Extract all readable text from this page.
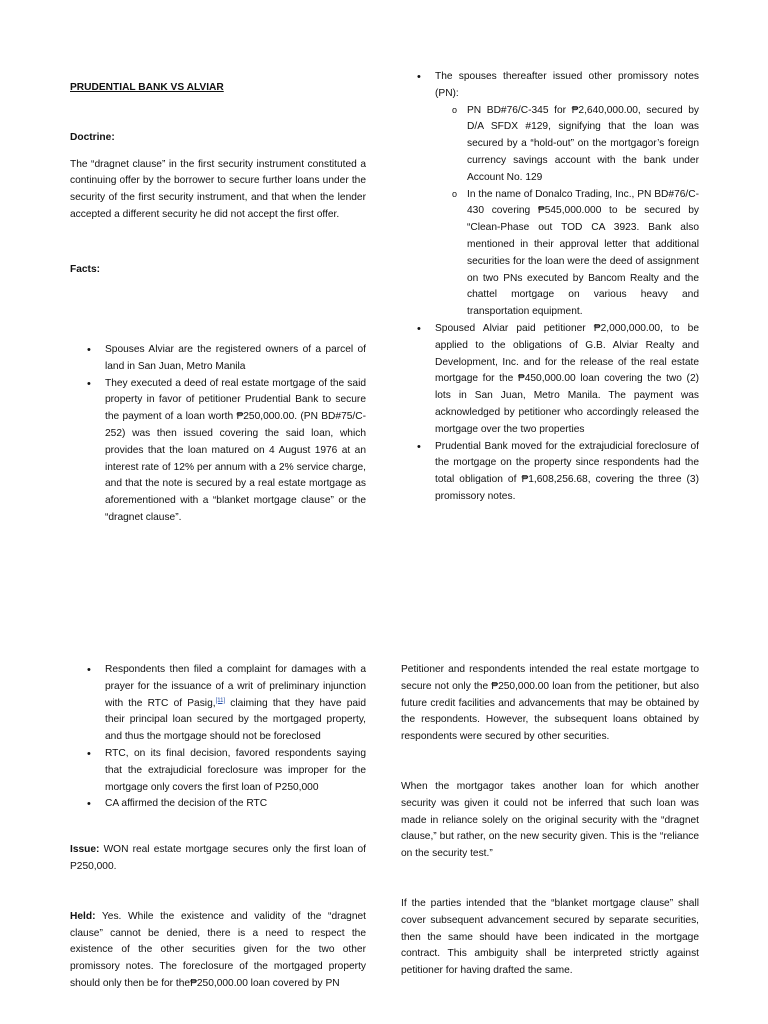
PRUDENTIAL BANK VS ALVIAR

Doctrine:

The “dragnet clause” in the first security instrument constituted a continuing offer by the borrower to secure further loans under the security of the first security instrument, and that when the lender accepted a different security he did not accept the first offer.

Facts:

• Spouses Alviar are the registered owners of a parcel of land in San Juan, Metro Manila
• They executed a deed of real estate mortgage of the said property in favor of petitioner Prudential Bank to secure the payment of a loan worth ₱250,000.00. (PN BD#75/C-252) was then issued covering the said loan, which provides that the loan matured on 4 August 1976 at an interest rate of 12% per annum with a 2% service charge, and that the note is secured by a real estate mortgage as aforementioned with a “blanket mortgage clause” or the “dragnet clause”.

• The spouses thereafter issued other promissory notes (PN):

o PN BD#76/C-345 for ₱2,640,000.00, secured by D/A SFDX #129, signifying that the loan was secured by a “hold-out” on the mortgagor’s foreign currency savings account with the bank under Account No. 129

o In the name of Donalco Trading, Inc., PN BD#76/C-430 covering ₱545,000.000 to be secured by “Clean-Phase out TOD CA 3923. Bank also mentioned in their approval letter that additional securities for the loan were the deed of assignment on two PNs executed by Bancom Realty and the chattel mortgage on various heavy and transportation equipment.

• Spoused Alviar paid petitioner ₱2,000,000.00, to be applied to the obligations of G.B. Alviar Realty and Development, Inc. and for the release of the real estate mortgage for the ₱450,000.00 loan covering the two (2) lots in San Juan, Metro Manila. The payment was acknowledged by petitioner who accordingly released the mortgage over the two properties

• Prudential Bank moved for the extrajudicial foreclosure of the mortgage on the property since respondents had the total obligation of ₱1,608,256.68, covering the three (3) promissory notes.

• Respondents then filed a complaint for damages with a prayer for the issuance of a writ of preliminary injunction with the RTC of Pasig,[11] claiming that they have paid their principal loan secured by the mortgaged property, and thus the mortgage should not be foreclosed
• RTC, on its final decision, favored respondents saying that the extrajudicial foreclosure was improper for the mortgage only covers the first loan of P250,000
• CA affirmed the decision of the RTC

Issue: WON real estate mortgage secures only the first loan of P250,000.

Held: Yes. While the existence and validity of the “dragnet clause” cannot be denied, there is a need to respect the existence of the other securities given for the two other promissory notes. The foreclosure of the mortgaged property should only then be for the₱250,000.00 loan covered by PN

Petitioner and respondents intended the real estate mortgage to secure not only the ₱250,000.00 loan from the petitioner, but also future credit facilities and advancements that may be obtained by the respondents. However, the subsequent loans obtained by respondents were secured by other securities.

When the mortgagor takes another loan for which another security was given it could not be inferred that such loan was made in reliance solely on the original security with the “dragnet clause,” but rather, on the new security given. This is the “reliance on the security test.”

If the parties intended that the “blanket mortgage clause” shall cover subsequent advancement secured by separate securities, then the same should have been indicated in the mortgage contract. This ambiguity shall be interpreted strictly against petitioner for having drafted the same.
